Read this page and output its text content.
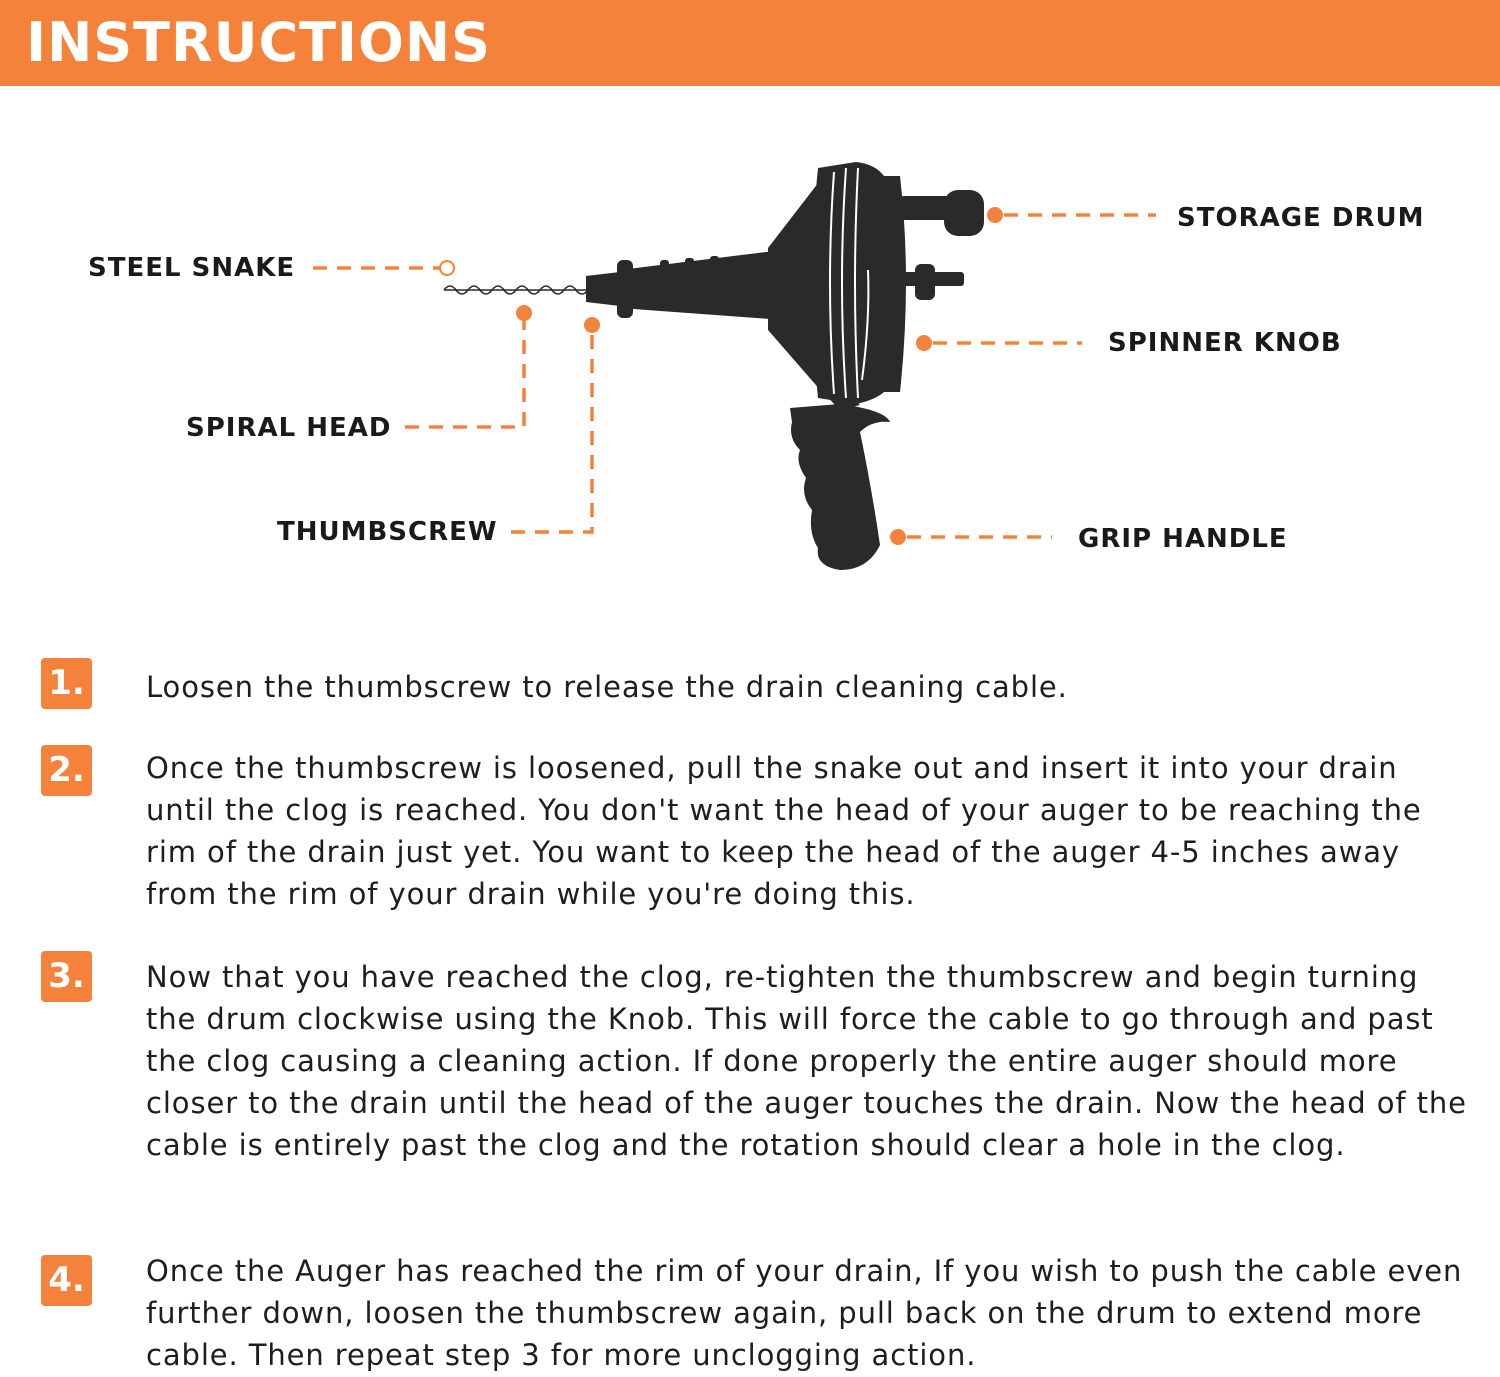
INSTRUCTIONS
STEEL SNAKE
SPIRAL HEAD
THUMBSCREW
STORAGE DRUM
SPINNER KNOB
GRIP HANDLE
1. Loosen the thumbscrew to release the drain cleaning cable.

2. Once the thumbscrew is loosened, pull the snake out and insert it into your drain until the clog is reached. You don't want the head of your auger to be reaching the rim of the drain just yet. You want to keep the head of the auger 4-5 inches away from the rim of your drain while you're doing this.

3. Now that you have reached the clog, re-tighten the thumbscrew and begin turning the drum clockwise using the Knob. This will force the cable to go through and past the clog causing a cleaning action. If done properly the entire auger should more closer to the drain until the head of the auger touches the drain. Now the head of the cable is entirely past the clog and the rotation should clear a hole in the clog.

4. Once the Auger has reached the rim of your drain, If you wish to push the cable even further down, loosen the thumbscrew again, pull back on the drum to extend more cable. Then repeat step 3 for more unclogging action.
